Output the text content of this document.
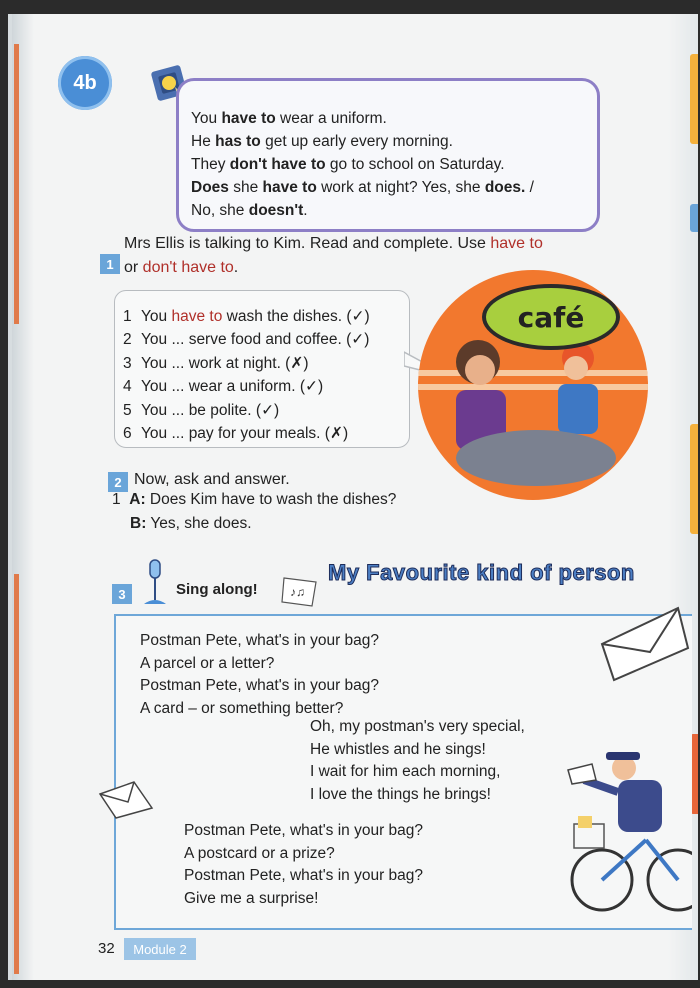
4b
You have to wear a uniform.
He has to get up early every morning.
They don't have to go to school on Saturday.
Does she have to work at night? Yes, she does. /
No, she doesn't.
1
Mrs Ellis is talking to Kim. Read and complete. Use have to
or don't have to.
1 You have to wash the dishes. (✓)
2 You ... serve food and coffee. (✓)
3 You ... work at night. (✗)
4 You ... wear a uniform. (✓)
5 You ... be polite. (✓)
6 You ... pay for your meals. (✗)
café
2 Now, ask and answer.
1 A: Does Kim have to wash the dishes?
B: Yes, she does.
3	Sing along!	♪♫
My Favourite kind of person
Postman Pete, what's in your bag?
A parcel or a letter?
Postman Pete, what's in your bag?
A card – or something better?
Oh, my postman's very special,
He whistles and he sings!
I wait for him each morning,
I love the things he brings!
Postman Pete, what's in your bag?
A postcard or a prize?
Postman Pete, what's in your bag?
Give me a surprise!
32	Module 2
